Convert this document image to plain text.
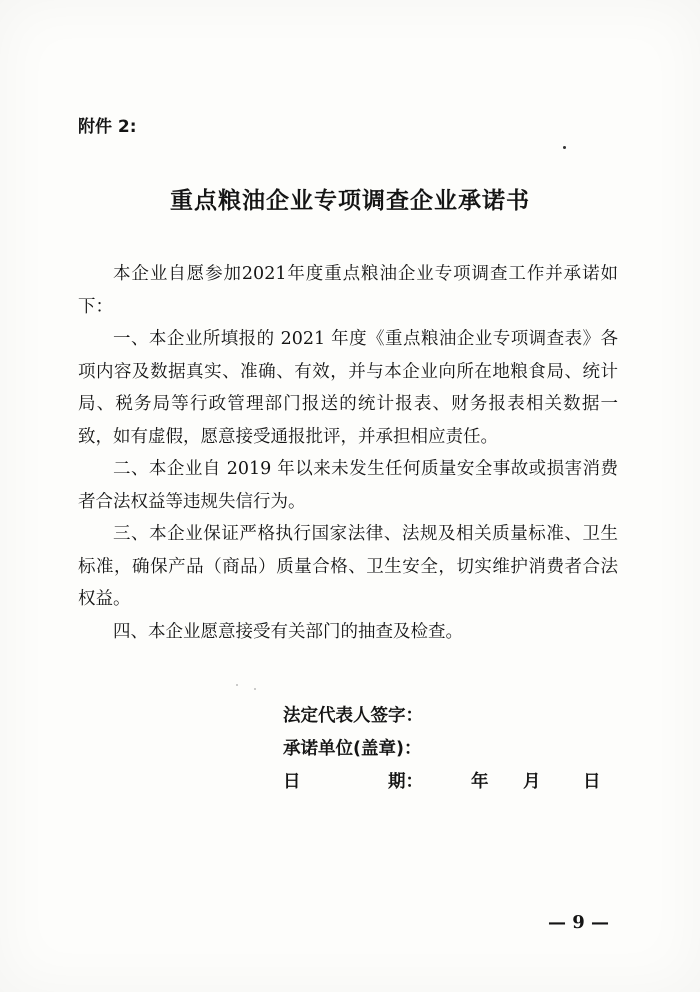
附件 2:
重点粮油企业专项调查企业承诺书

本企业自愿参加2021年度重点粮油企业专项调查工作并承诺如下：

一、本企业所填报的 2021 年度《重点粮油企业专项调查表》各项内容及数据真实、准确、有效，并与本企业向所在地粮食局、统计局、税务局等行政管理部门报送的统计报表、财务报表相关数据一致，如有虚假，愿意接受通报批评，并承担相应责任。

二、本企业自 2019 年以来未发生任何质量安全事故或损害消费者合法权益等违规失信行为。

三、本企业保证严格执行国家法律、法规及相关质量标准、卫生标准，确保产品（商品）质量合格、卫生安全，切实维护消费者合法权益。

四、本企业愿意接受有关部门的抽查及检查。

法定代表人签字：
承诺单位(盖章)：
日	期：	年 月 日
— 9 —
